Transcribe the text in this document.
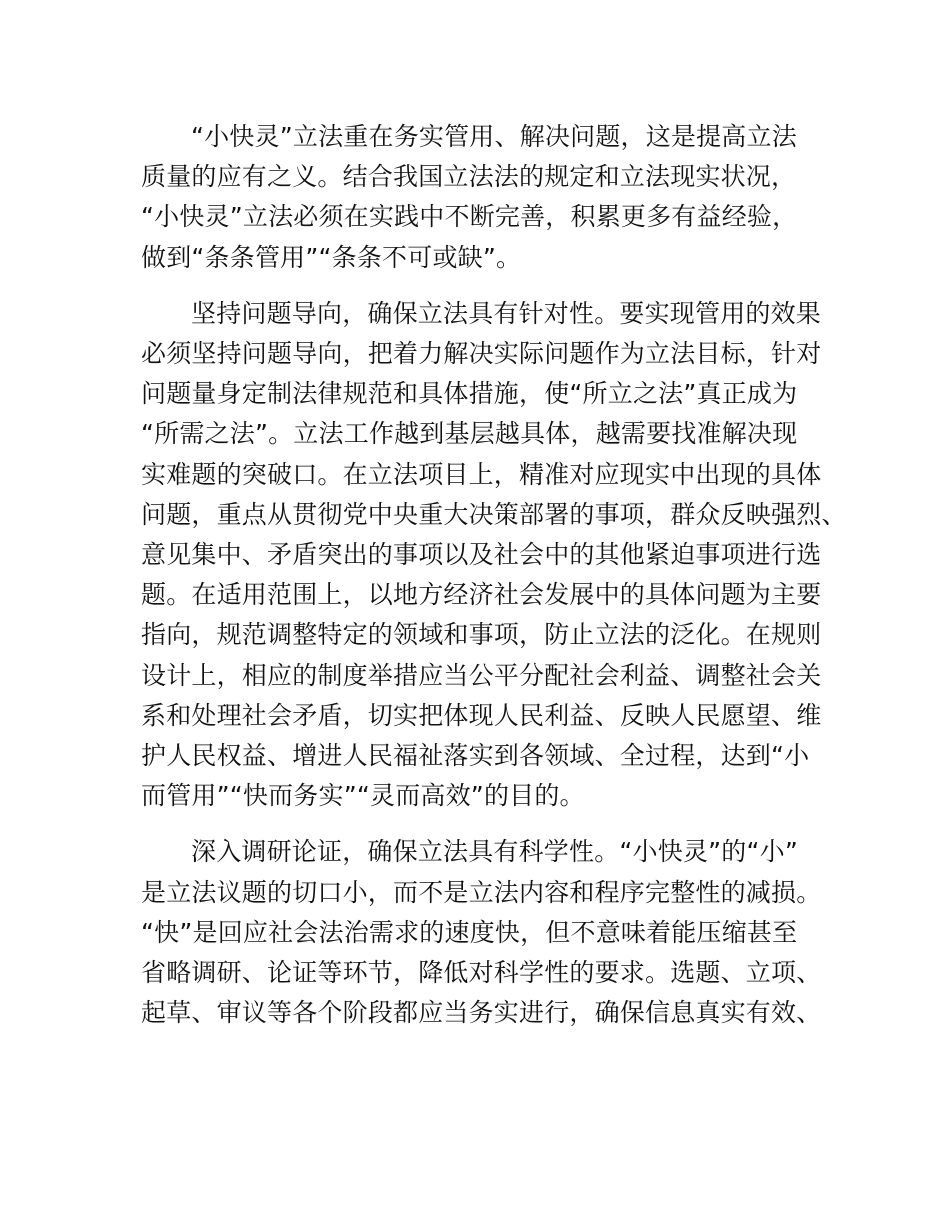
“小快灵”立法重在务实管用、解决问题，这是提高立法
质量的应有之义。结合我国立法法的规定和立法现实状况，
“小快灵”立法必须在实践中不断完善，积累更多有益经验，
做到“条条管用”“条条不可或缺”。

坚持问题导向，确保立法具有针对性。要实现管用的效果
必须坚持问题导向，把着力解决实际问题作为立法目标，针对
问题量身定制法律规范和具体措施，使“所立之法”真正成为
“所需之法”。立法工作越到基层越具体，越需要找准解决现
实难题的突破口。在立法项目上，精准对应现实中出现的具体
问题，重点从贯彻党中央重大决策部署的事项，群众反映强烈、
意见集中、矛盾突出的事项以及社会中的其他紧迫事项进行选
题。在适用范围上，以地方经济社会发展中的具体问题为主要
指向，规范调整特定的领域和事项，防止立法的泛化。在规则
设计上，相应的制度举措应当公平分配社会利益、调整社会关
系和处理社会矛盾，切实把体现人民利益、反映人民愿望、维
护人民权益、增进人民福祉落实到各领域、全过程，达到“小
而管用”“快而务实”“灵而高效”的目的。

深入调研论证，确保立法具有科学性。“小快灵”的“小”
是立法议题的切口小，而不是立法内容和程序完整性的减损。
“快”是回应社会法治需求的速度快，但不意味着能压缩甚至
省略调研、论证等环节，降低对科学性的要求。选题、立项、
起草、审议等各个阶段都应当务实进行，确保信息真实有效、
